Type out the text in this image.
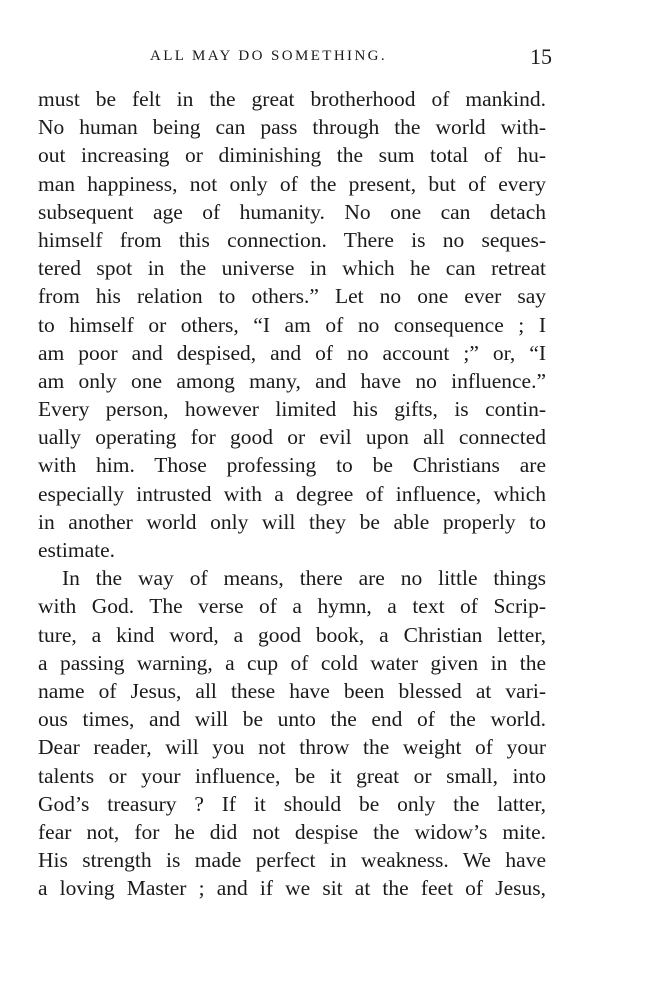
ALL MAY DO SOMETHING.	15
must be felt in the great brotherhood of mankind.
No human being can pass through the world with-
out increasing or diminishing the sum total of hu-
man happiness, not only of the present, but of every
subsequent age of humanity. No one can detach
himself from this connection. There is no seques-
tered spot in the universe in which he can retreat
from his relation to others.” Let no one ever say
to himself or others, “I am of no consequence ; I
am poor and despised, and of no account ;” or, “I
am only one among many, and have no influence.”
Every person, however limited his gifts, is contin-
ually operating for good or evil upon all connected
with him. Those professing to be Christians are
especially intrusted with a degree of influence, which
in another world only will they be able properly to
estimate.
In the way of means, there are no little things
with God. The verse of a hymn, a text of Scrip-
ture, a kind word, a good book, a Christian letter,
a passing warning, a cup of cold water given in the
name of Jesus, all these have been blessed at vari-
ous times, and will be unto the end of the world.
Dear reader, will you not throw the weight of your
talents or your influence, be it great or small, into
God’s treasury ? If it should be only the latter,
fear not, for he did not despise the widow’s mite.
His strength is made perfect in weakness. We have
a loving Master ; and if we sit at the feet of Jesus,
